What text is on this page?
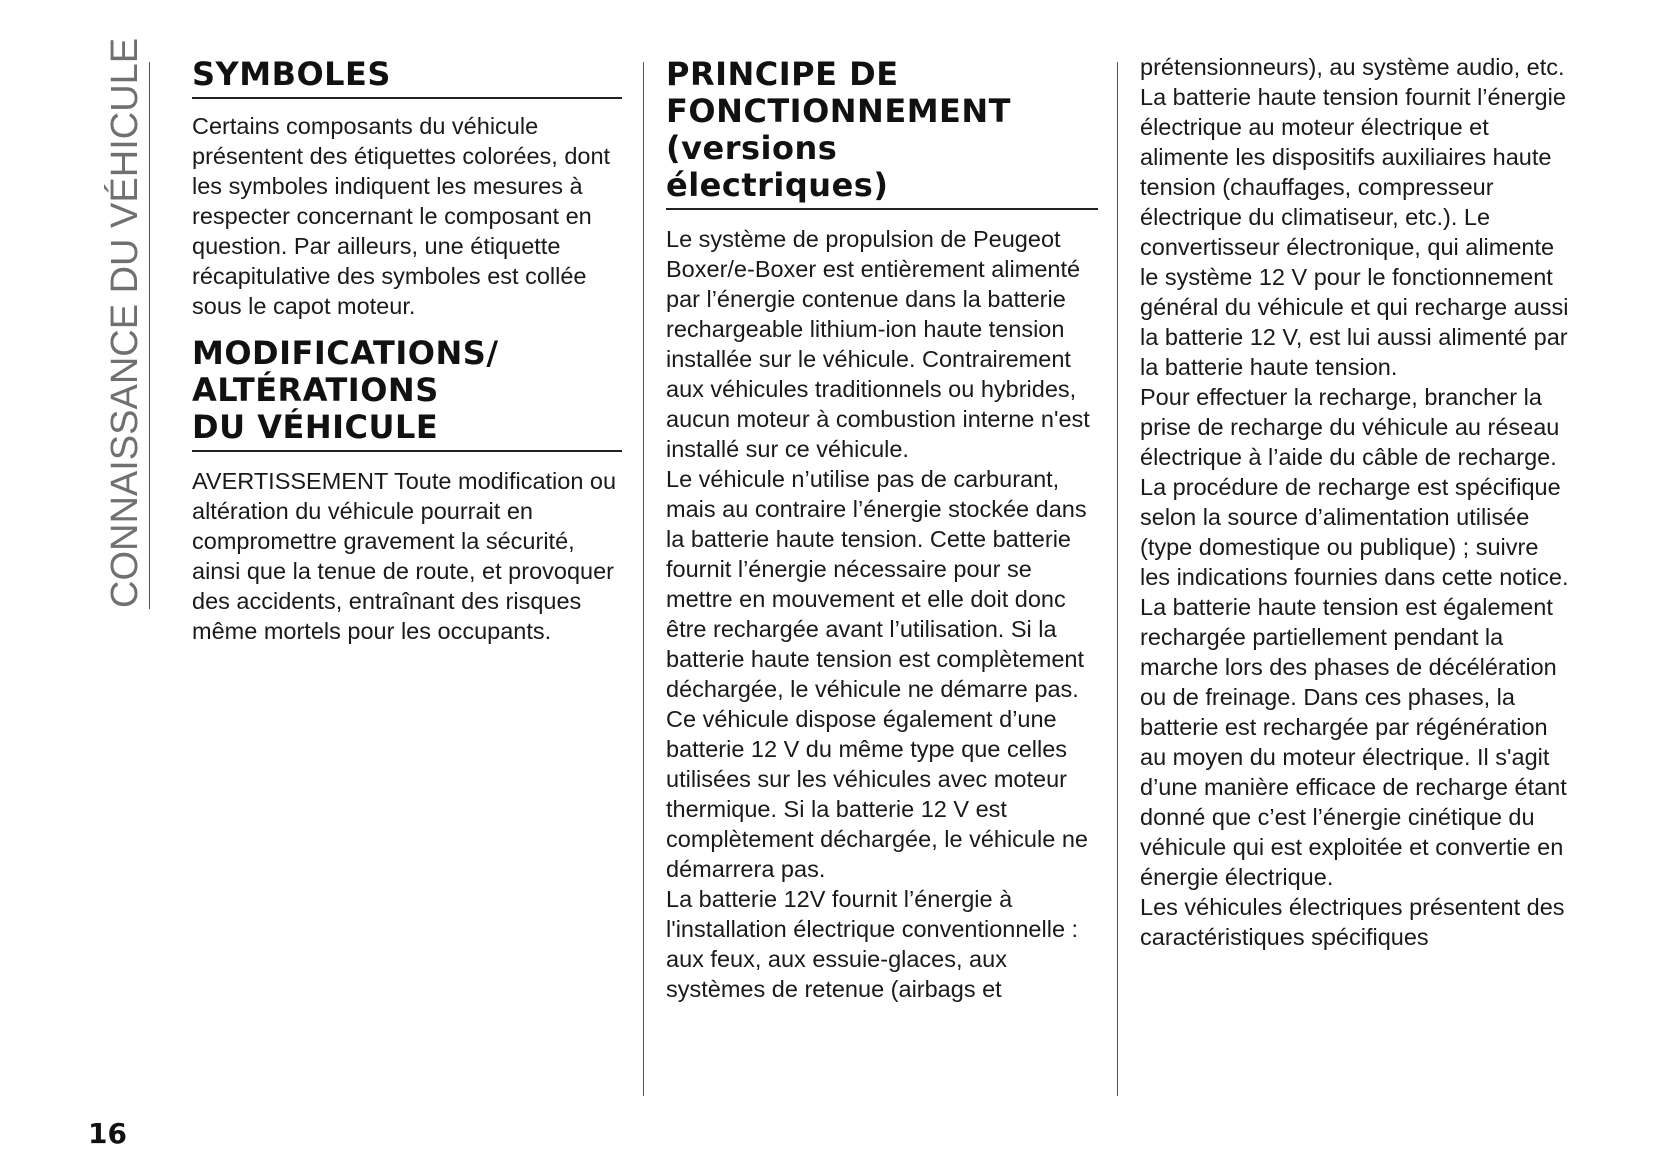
CONNAISSANCE DU VÉHICULE SYMBOLES

Certains composants du véhicule présentent des étiquettes colorées, dont les symboles indiquent les mesures à respecter concernant le composant en question. Par ailleurs, une étiquette récapitulative des symboles est collée sous le capot moteur.

MODIFICATIONS/
ALTÉRATIONS
DU VÉHICULE

AVERTISSEMENT Toute modification ou altération du véhicule pourrait en compromettre gravement la sécurité, ainsi que la tenue de route, et provoquer des accidents, entraînant des risques même mortels pour les occupants.

PRINCIPE DE
FONCTIONNEMENT
(versions
électriques)

Le système de propulsion de Peugeot Boxer/e-Boxer est entièrement alimenté par l’énergie contenue dans la batterie rechargeable lithium-ion haute tension installée sur le véhicule. Contrairement aux véhicules traditionnels ou hybrides, aucun moteur à combustion interne n'est installé sur ce véhicule.

Le véhicule n’utilise pas de carburant, mais au contraire l’énergie stockée dans la batterie haute tension. Cette batterie fournit l’énergie nécessaire pour se mettre en mouvement et elle doit donc être rechargée avant l’utilisation. Si la batterie haute tension est complètement déchargée, le véhicule ne démarre pas.

Ce véhicule dispose également d’une batterie 12 V du même type que celles utilisées sur les véhicules avec moteur thermique. Si la batterie 12 V est complètement déchargée, le véhicule ne démarrera pas.

La batterie 12V fournit l’énergie à l'installation électrique conventionnelle : aux feux, aux essuie-glaces, aux systèmes de retenue (airbags et

prétensionneurs), au système audio, etc.

La batterie haute tension fournit l’énergie électrique au moteur électrique et alimente les dispositifs auxiliaires haute tension (chauffages, compresseur électrique du climatiseur, etc.). Le convertisseur électronique, qui alimente le système 12 V pour le fonctionnement général du véhicule et qui recharge aussi la batterie 12 V, est lui aussi alimenté par la batterie haute tension.

Pour effectuer la recharge, brancher la prise de recharge du véhicule au réseau électrique à l’aide du câble de recharge. La procédure de recharge est spécifique selon la source d’alimentation utilisée (type domestique ou publique) ; suivre les indications fournies dans cette notice.

La batterie haute tension est également rechargée partiellement pendant la marche lors des phases de décélération ou de freinage. Dans ces phases, la batterie est rechargée par régénération au moyen du moteur électrique. Il s'agit d’une manière efficace de recharge étant donné que c’est l’énergie cinétique du véhicule qui est exploitée et convertie en énergie électrique.

Les véhicules électriques présentent des caractéristiques spécifiques

16
